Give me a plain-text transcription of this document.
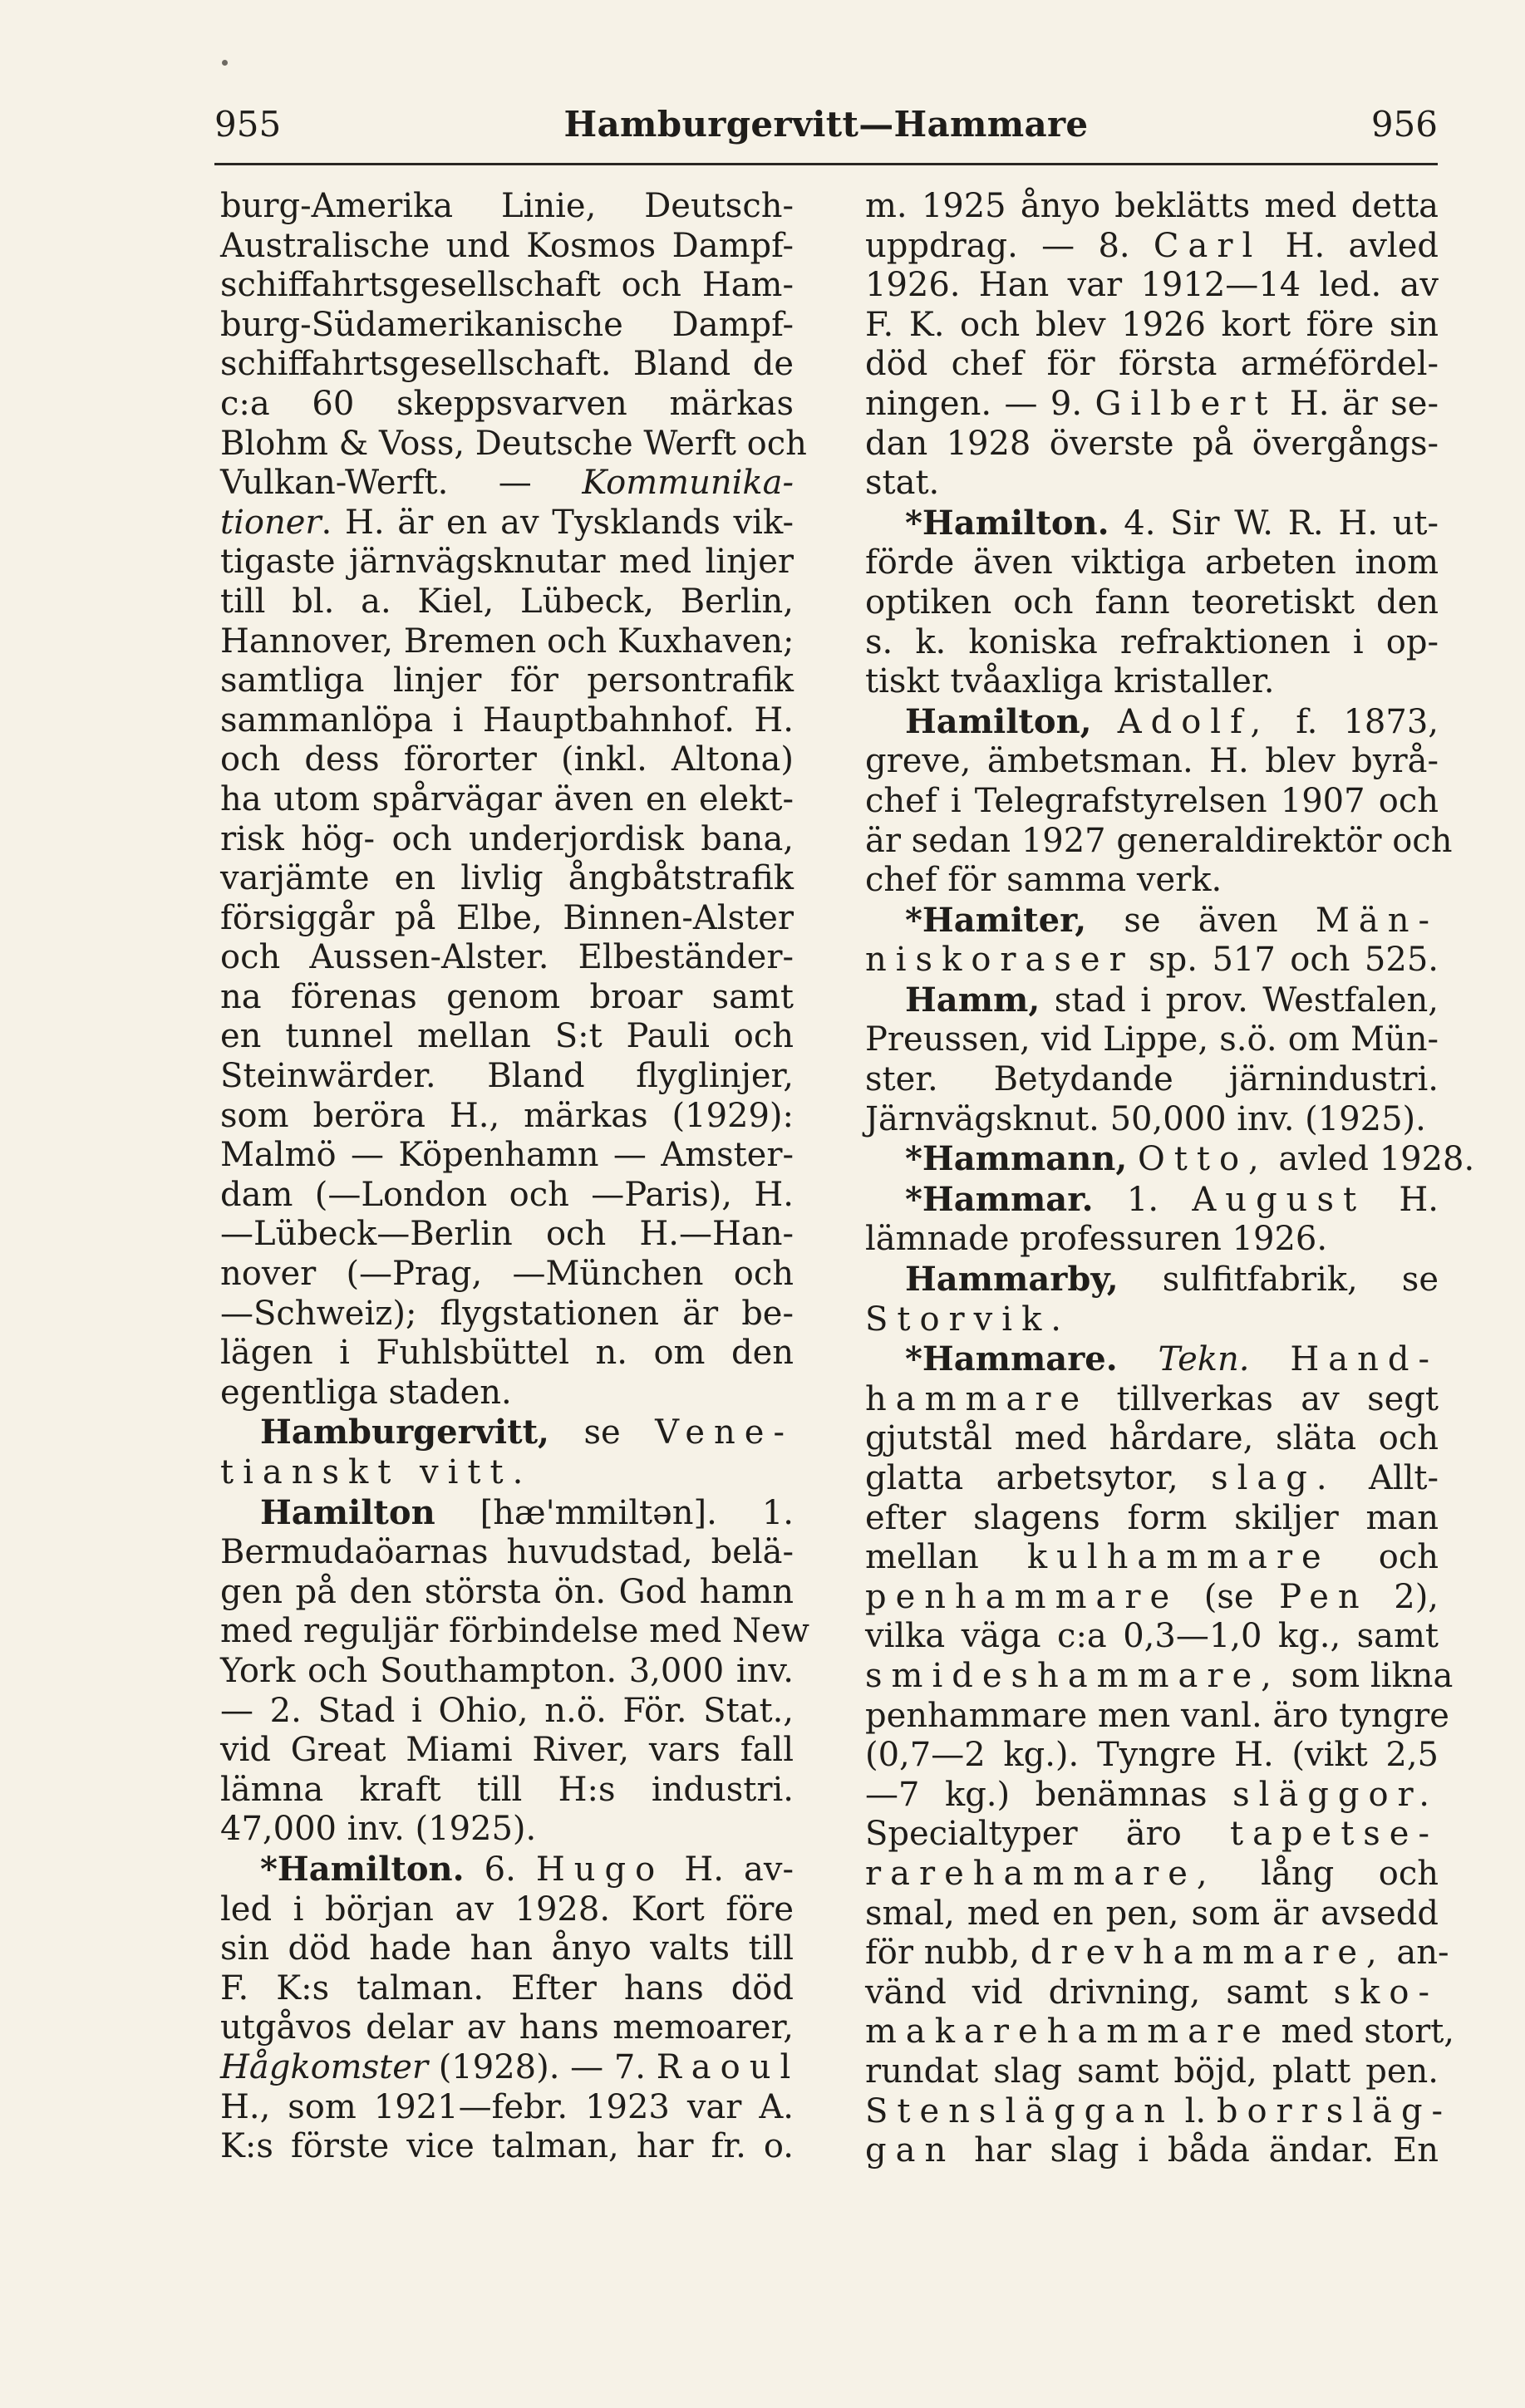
955	Hamburgervitt—Hammare	956
burg-Amerika Linie, Deutsch-
Australische und Kosmos Dampf-
schiffahrtsgesellschaft och Ham-
burg-Südamerikanische Dampf-
schiffahrtsgesellschaft. Bland de
c:a 60 skeppsvarven märkas
Blohm & Voss, Deutsche Werft och
Vulkan-Werft. — Kommunika-
tioner. H. är en av Tysklands vik-
tigaste järnvägsknutar med linjer
till bl. a. Kiel, Lübeck, Berlin,
Hannover, Bremen och Kuxhaven;
samtliga linjer för persontrafik
sammanlöpa i Hauptbahnhof. H.
och dess förorter (inkl. Altona)
ha utom spårvägar även en elekt-
risk hög- och underjordisk bana,
varjämte en livlig ångbåtstrafik
försiggår på Elbe, Binnen-Alster
och Aussen-Alster. Elbeständer-
na förenas genom broar samt
en tunnel mellan S:t Pauli och
Steinwärder. Bland flyglinjer,
som berörа H., märkas (1929):
Malmö — Köpenhamn — Amster-
dam (—London och —Paris), H.
—Lübeck—Berlin och H.—Han-
nover (—Prag, —München och
—Schweiz); flygstationen är be-
lägen i Fuhlsbüttel n. om den
egentliga staden.
Hamburgervitt, se Vene-
tianskt vitt.
Hamilton [hæ'mmiltən]. 1.
Bermudaöarnas huvudstad, belä-
gen på den största ön. God hamn
med reguljär förbindelse med New
York och Southampton. 3,000 inv.
— 2. Stad i Ohio, n.ö. För. Stat.,
vid Great Miami River, vars fall
lämna kraft till H:s industri.
47,000 inv. (1925).
*Hamilton. 6. Hugo H. av-
led i början av 1928. Kort före
sin död hade han ånyo valts till
F. K:s talman. Efter hans död
utgåvos delar av hans memoarer,
Hågkomster (1928). — 7. Raoul
H., som 1921—febr. 1923 var A.
K:s förste vice talman, har fr. o.
m. 1925 ånyo beklätts med detta
uppdrag. — 8. Carl H. avled
1926. Han var 1912—14 led. av
F. K. och blev 1926 kort före sin
död chef för första arméfördel-
ningen. — 9. Gilbert H. är se-
dan 1928 överste på övergångs-
stat.
*Hamilton. 4. Sir W. R. H. ut-
förde även viktiga arbeten inom
optiken och fann teoretiskt den
s. k. koniska refraktionen i op-
tiskt tvåaxliga kristaller.
Hamilton, Adolf, f. 1873,
greve, ämbetsman. H. blev byrå-
chef i Telegrafstyrelsen 1907 och
är sedan 1927 generaldirektör och
chef för samma verk.
*Hamiter, se även Män-
niskoraser sp. 517 och 525.
Hamm, stad i prov. Westfalen,
Preussen, vid Lippe, s.ö. om Mün-
ster. Betydande järnindustri.
Järnvägsknut. 50,000 inv. (1925).
*Hammann, Otto, avled 1928.
*Hammar. 1. August H.
lämnade professuren 1926.
Hammarby, sulfitfabrik, se
Storvik.
*Hammare. Tekn. Hand-
hammare tillverkas av segt
gjutstål med hårdare, släta och
glatta arbetsytor, slag. Allt-
efter slagens form skiljer man
mellan kulhammare och
penhammare (se Pen 2),
vilka väga c:a 0,3—1,0 kg., samt
smideshammare, som likna
penhammare men vanl. äro tyngre
(0,7—2 kg.). Tyngre H. (vikt 2,5
—7 kg.) benämnas släggor.
Specialtyper äro tapetse-
rarehammare, lång och
smal, med en pen, som är avsedd
för nubb, drevhammare, an-
vänd vid drivning, samt sko-
makarehammare med stort,
rundat slag samt böjd, platt pen.
Stensläggan l. borrsläg-
gan har slag i båda ändar. En
